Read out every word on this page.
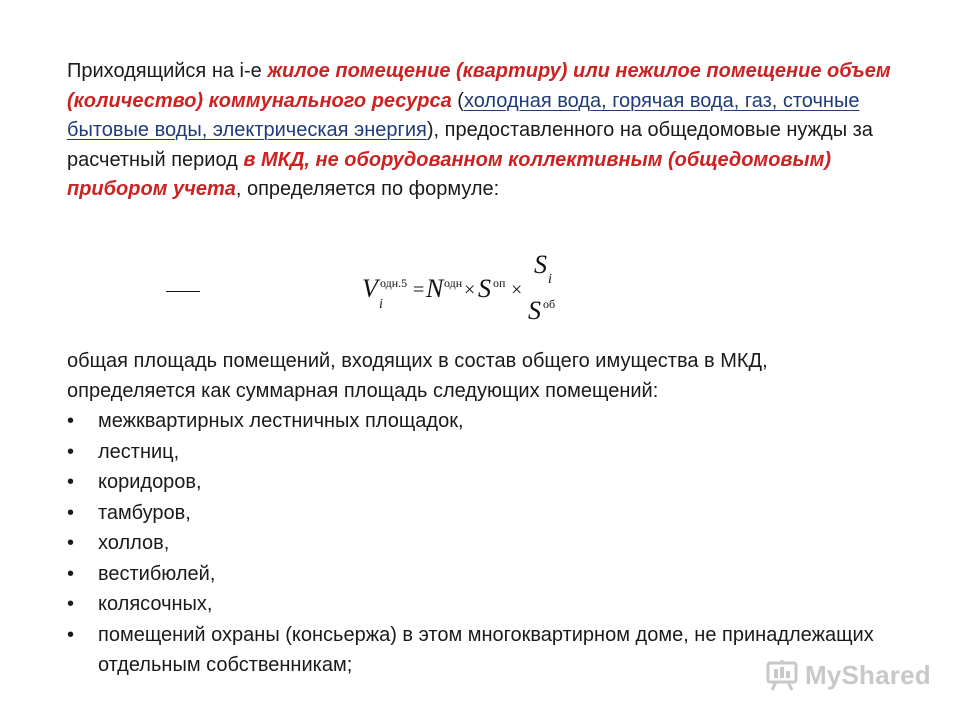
Приходящийся на i-е жилое помещение (квартиру) или нежилое помещение объем (количество) коммунального ресурса (холодная вода, горячая вода, газ, сточные бытовые воды, электрическая энергия), предоставленного на общедомовые нужды за расчетный период в МКД, не оборудованном коллективным (общедомовым) прибором учета, определяется по формуле:
V
i
одн.5 = N одн × S оп ×
S
i
S об

общая площадь помещений, входящих в состав общего имущества в МКД, определяется как суммарная площадь следующих помещений:

• межквартирных лестничных площадок,
• лестниц,
• коридоров,
• тамбуров,
• холлов,
• вестибюлей,
• колясочных,
• помещений охраны (консьержа) в этом многоквартирном доме, не принадлежащих отдельным собственникам;	MyShared
